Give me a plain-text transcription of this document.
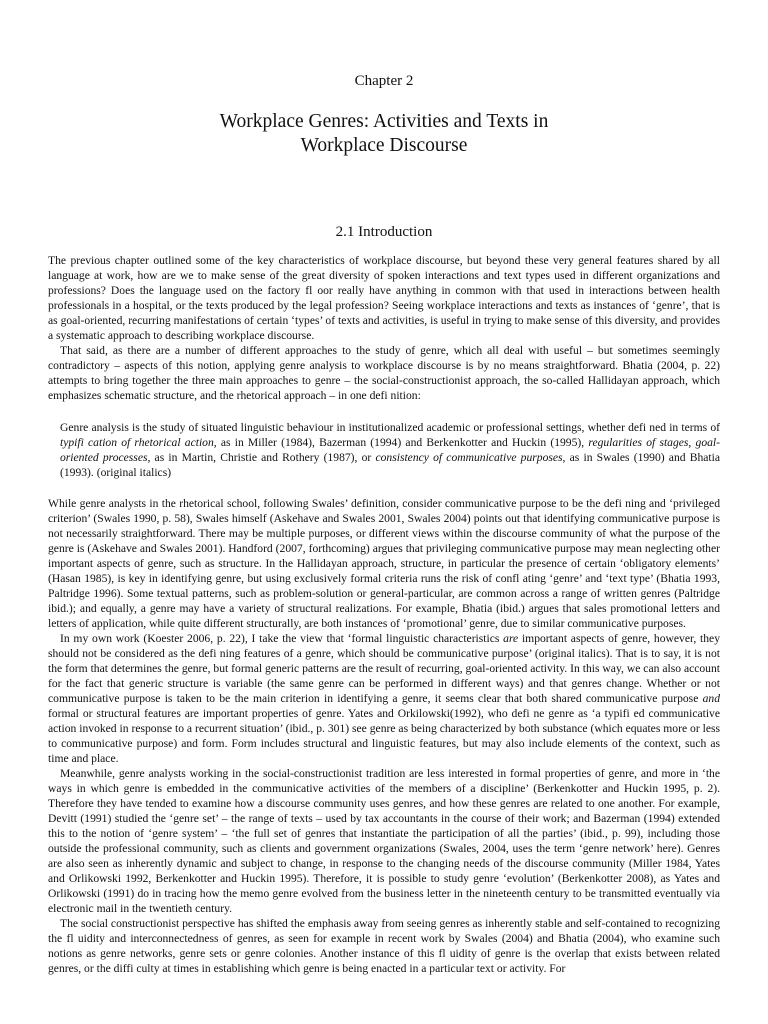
Chapter 2
Workplace Genres: Activities and Texts in
Workplace Discourse
2.1 Introduction

The previous chapter outlined some of the key characteristics of workplace discourse, but beyond these very general features shared by all language at work, how are we to make sense of the great diversity of spoken interactions and text types used in different organizations and professions? Does the language used on the factory fl oor really have anything in common with that used in interactions between health professionals in a hospital, or the texts produced by the legal profession? Seeing workplace interactions and texts as instances of ‘genre’, that is as goal-oriented, recurring manifestations of certain ‘types’ of texts and activities, is useful in trying to make sense of this diversity, and provides a systematic approach to describing workplace discourse.

That said, as there are a number of different approaches to the study of genre, which all deal with useful – but sometimes seemingly contradictory – aspects of this notion, applying genre analysis to workplace discourse is by no means straightforward. Bhatia (2004, p. 22) attempts to bring together the three main approaches to genre – the social-constructionist approach, the so-called Hallidayan approach, which emphasizes schematic structure, and the rhetorical approach – in one defi nition:

Genre analysis is the study of situated linguistic behaviour in institutionalized academic or professional settings, whether defi ned in terms of typifi cation of rhetorical action, as in Miller (1984), Bazerman (1994) and Berkenkotter and Huckin (1995), regularities of stages, goal-oriented processes, as in Martin, Christie and Rothery (1987), or consistency of communicative purposes, as in Swales (1990) and Bhatia (1993). (original italics)

While genre analysts in the rhetorical school, following Swales’ definition, consider communicative purpose to be the defi ning and ‘privileged criterion’ (Swales 1990, p. 58), Swales himself (Askehave and Swales 2001, Swales 2004) points out that identifying communicative purpose is not necessarily straightforward. There may be multiple purposes, or different views within the discourse community of what the purpose of the genre is (Askehave and Swales 2001). Handford (2007, forthcoming) argues that privileging communicative purpose may mean neglecting other important aspects of genre, such as structure. In the Hallidayan approach, structure, in particular the presence of certain ‘obligatory elements’ (Hasan 1985), is key in identifying genre, but using exclusively formal criteria runs the risk of confl ating ‘genre’ and ‘text type’ (Bhatia 1993, Paltridge 1996). Some textual patterns, such as problem-solution or general-particular, are common across a range of written genres (Paltridge ibid.); and equally, a genre may have a variety of structural realizations. For example, Bhatia (ibid.) argues that sales promotional letters and letters of application, while quite different structurally, are both instances of ‘promotional’ genre, due to similar communicative purposes.

In my own work (Koester 2006, p. 22), I take the view that ‘formal linguistic characteristics are important aspects of genre, however, they should not be considered as the defi ning features of a genre, which should be communicative purpose’ (original italics). That is to say, it is not the form that determines the genre, but formal generic patterns are the result of recurring, goal-oriented activity. In this way, we can also account for the fact that generic structure is variable (the same genre can be performed in different ways) and that genres change. Whether or not communicative purpose is taken to be the main criterion in identifying a genre, it seems clear that both shared communicative purpose and formal or structural features are important properties of genre. Yates and Orkilowski(1992), who defi ne genre as ‘a typifi ed communicative action invoked in response to a recurrent situation’ (ibid., p. 301) see genre as being characterized by both substance (which equates more or less to communicative purpose) and form. Form includes structural and linguistic features, but may also include elements of the context, such as time and place.

Meanwhile, genre analysts working in the social-constructionist tradition are less interested in formal properties of genre, and more in ‘the ways in which genre is embedded in the communicative activities of the members of a discipline’ (Berkenkotter and Huckin 1995, p. 2). Therefore they have tended to examine how a discourse community uses genres, and how these genres are related to one another. For example, Devitt (1991) studied the ‘genre set’ – the range of texts – used by tax accountants in the course of their work; and Bazerman (1994) extended this to the notion of ‘genre system’ – ‘the full set of genres that instantiate the participation of all the parties’ (ibid., p. 99), including those outside the professional community, such as clients and government organizations (Swales, 2004, uses the term ‘genre network’ here). Genres are also seen as inherently dynamic and subject to change, in response to the changing needs of the discourse community (Miller 1984, Yates and Orlikowski 1992, Berkenkotter and Huckin 1995). Therefore, it is possible to study genre ‘evolution’ (Berkenkotter 2008), as Yates and Orlikowski (1991) do in tracing how the memo genre evolved from the business letter in the nineteenth century to be transmitted eventually via electronic mail in the twentieth century.

The social constructionist perspective has shifted the emphasis away from seeing genres as inherently stable and self-contained to recognizing the fl uidity and interconnectedness of genres, as seen for example in recent work by Swales (2004) and Bhatia (2004), who examine such notions as genre networks, genre sets or genre colonies. Another instance of this fl uidity of genre is the overlap that exists between related genres, or the diffi culty at times in establishing which genre is being enacted in a particular text or activity. For
